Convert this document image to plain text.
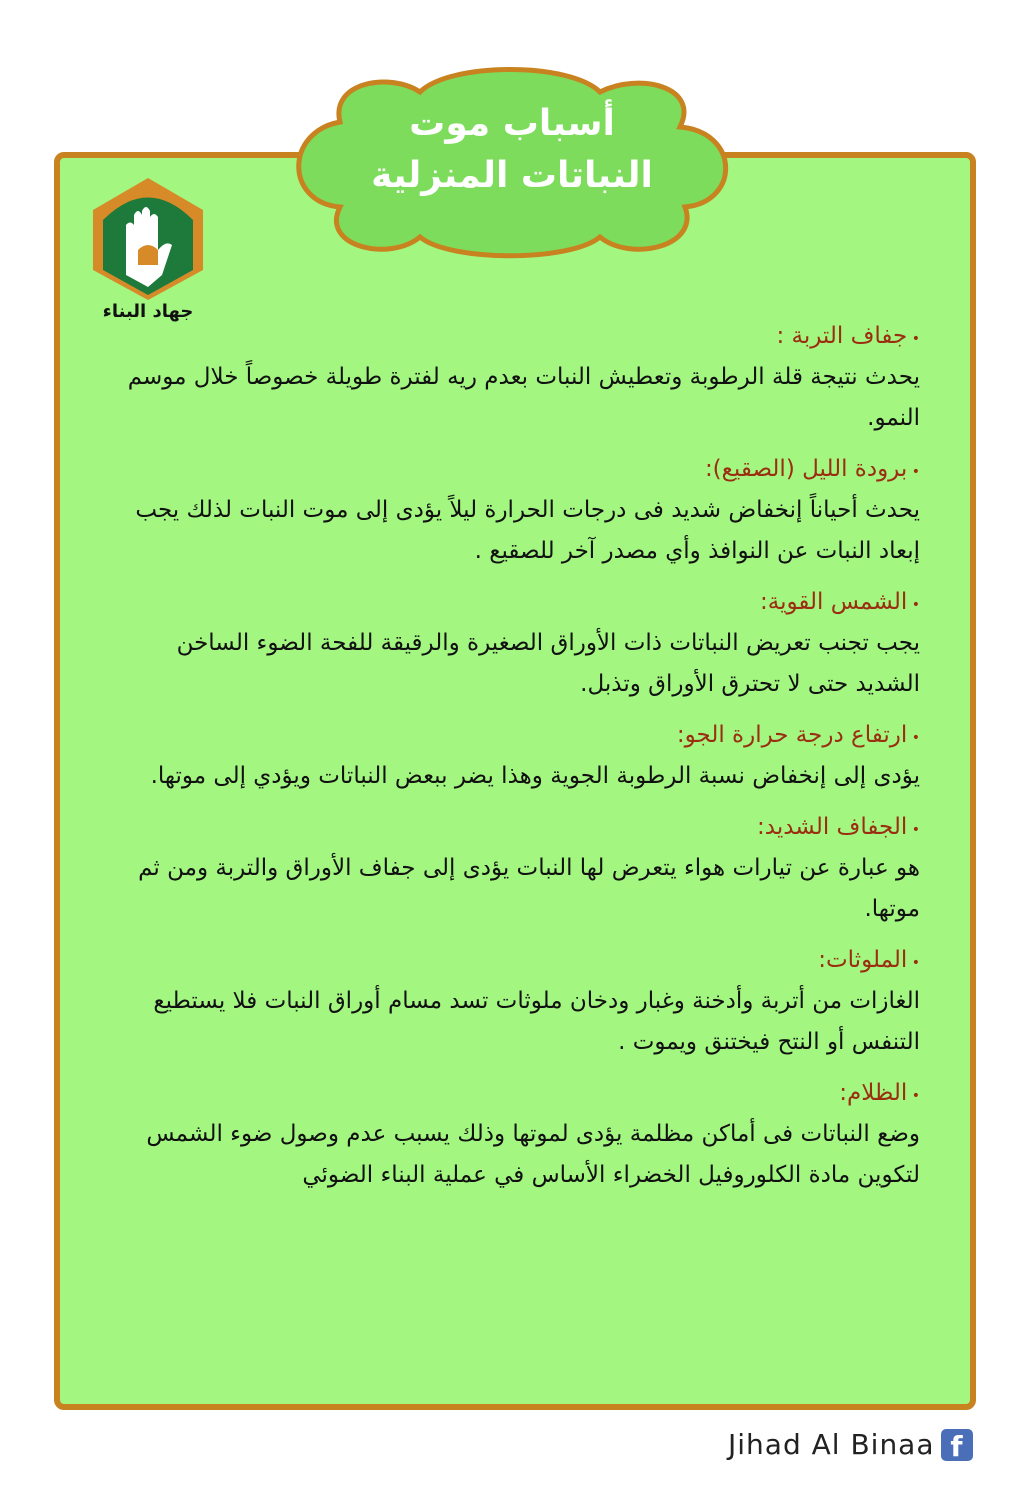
أسباب موت
النباتات المنزلية
جهاد البناء
• جفاف التربة :
يحدث نتيجة قلة الرطوبة وتعطيش النبات بعدم ريه لفترة طويلة خصوصاً خلال موسم النمو.
• برودة الليل (الصقيع):
يحدث أحياناً إنخفاض شديد فى درجات الحرارة ليلاً يؤدى إلى موت النبات لذلك يجب إبعاد النبات عن النوافذ وأي مصدر آخر للصقيع .
• الشمس القوية:
يجب تجنب تعريض النباتات ذات الأوراق الصغيرة والرقيقة للفحة الضوء الساخن الشديد حتى لا تحترق الأوراق وتذبل.
• ارتفاع درجة حرارة الجو:
يؤدى إلى إنخفاض نسبة الرطوبة الجوية وهذا يضر ببعض النباتات ويؤدي إلى موتها.
• الجفاف الشديد:
هو عبارة عن تيارات هواء يتعرض لها النبات يؤدى إلى جفاف الأوراق والتربة ومن ثم موتها.
• الملوثات:
الغازات من أتربة وأدخنة وغبار ودخان ملوثات تسد مسام أوراق النبات فلا يستطيع التنفس أو النتح فيختنق ويموت .
• الظلام:
وضع النباتات فى أماكن مظلمة يؤدى لموتها وذلك يسبب عدم وصول ضوء الشمس لتكوين مادة الكلوروفيل الخضراء الأساس في عملية البناء الضوئي
Jihad Al Binaa f
